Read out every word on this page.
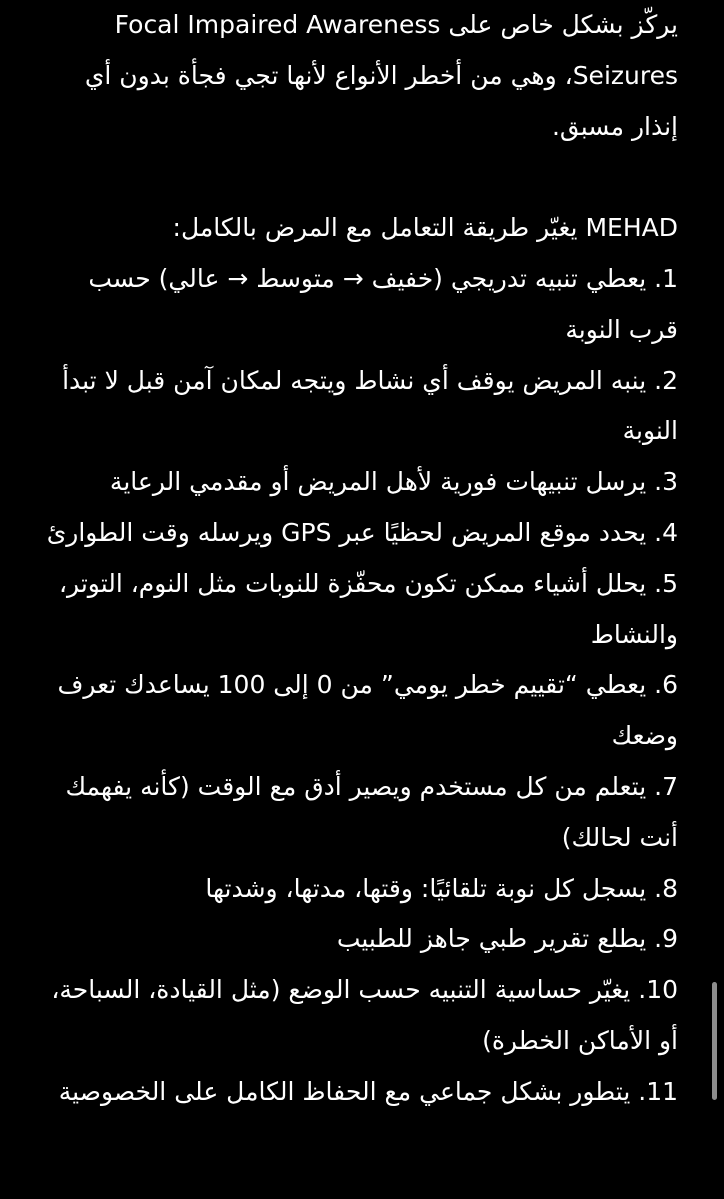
يركّز بشكل خاص على Focal Impaired Awareness Seizures، وهي من أخطر الأنواع لأنها تجي فجأة بدون أي إنذار مسبق.

MEHAD يغيّر طريقة التعامل مع المرض بالكامل:

1. يعطي تنبيه تدريجي (خفيف → متوسط → عالي) حسب قرب النوبة

2. ينبه المريض يوقف أي نشاط ويتجه لمكان آمن قبل لا تبدأ النوبة

3. يرسل تنبيهات فورية لأهل المريض أو مقدمي الرعاية

4. يحدد موقع المريض لحظيًا عبر GPS ويرسله وقت الطوارئ

5. يحلل أشياء ممكن تكون محفّزة للنوبات مثل النوم، التوتر، والنشاط

6. يعطي “تقييم خطر يومي” من 0 إلى 100 يساعدك تعرف وضعك

7. يتعلم من كل مستخدم ويصير أدق مع الوقت (كأنه يفهمك أنت لحالك)

8. يسجل كل نوبة تلقائيًا: وقتها، مدتها، وشدتها

9. يطلع تقرير طبي جاهز للطبيب

10. يغيّر حساسية التنبيه حسب الوضع (مثل القيادة، السباحة، أو الأماكن الخطرة)

11. يتطور بشكل جماعي مع الحفاظ الكامل على الخصوصية
